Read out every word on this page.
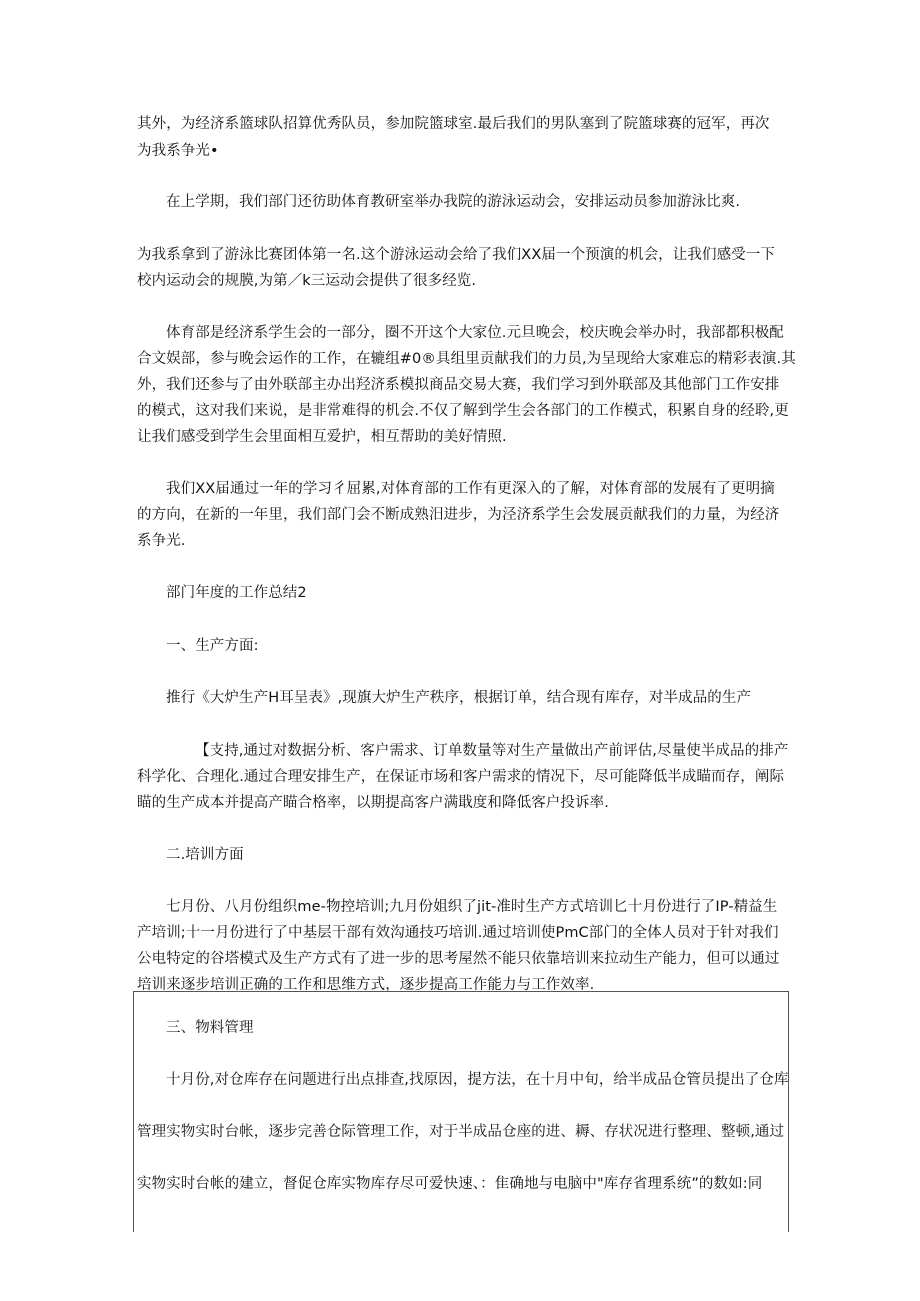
其外，为经济系篮球队招算优秀队员，参加院篮球室.最后我们的男队塞到了院篮球赛的冠军，再次
为我系争光•
在上学期，我们部门还彷助体育教研室举办我院的游泳运动会，安排运动员参加游泳比爽.
为我系拿到了游泳比赛团体第一名.这个游泳运动会给了我们XX届一个预演的机会，让我们感受一下
校内运动会的规膜,为第／k三运动会提供了很多经览.
体育部是经济系学生会的一部分，圈不开这个大家位.元旦晚会，校庆晚会举办时，我部都积极配
合文娱部，参与晚会运作的工作，在辘组#0®具组里贡献我们的力员,为呈现给大家难忘的精彩表演.其
外，我们还参与了由外联部主办出羟济系模拟商品交易大赛，我们学习到外联部及其他部门工作安排
的模式，这对我们来说，是非常难得的机会.不仅了解到学生会各部门的工作模式，积累自身的经聆,更
让我们感受到学生会里面相互爱护，相互帮助的美好情照.
我们XX届通过一年的学习彳屈累,对体育部的工作有更深入的了解，对体育部的发展有了更明摘
的方向，在新的一年里，我们部门会不断成熟汨进步，为泾济系学生会发展贡献我们的力量，为经济
系争光.
部门年度的工作总结2
一、生产方面:
推行《大炉生产H耳呈表》,现旗大炉生产秩序，根据订单，结合现有库存，对半成品的生产
【支持,通过对数据分析、客户需求、订单数量等对生产量做出产前评估,尽量使半成品的排产
科学化、合理化.通过合理安排生产，在保证市场和客户需求的情况下，尽可能降低半成瞄而存，阐际
瞄的生产成本并提高产瞄合格率，以期提高客户满戢度和降低客户投诉率.
二.培训方面
七月份、八月份组织me-物控培训;九月份姐织了jit-准时生产方式培训匕十月份进行了IP-精益生
产培训;十一月份进行了中基层干部有效沟通技巧培训.通过培训使PmC部门的全体人员对于针对我们
公电特定的谷塔模式及生产方式有了进一步的思考屋然不能只依靠培训来拉动生产能力，但可以通过
培训来逐步培训正确的工作和思维方式，逐步提高工作能力与工作效率.
三、物料管理
十月份,对仓库存在问题进行出点排查,找原因，提方法，在十月中旬，给半成品仓管员提出了仓库
管理实物实时台帐，逐步完善仓际管理工作，对于半成品仓座的进、耨、存状况进行整理、整顿,通过
实物实时台帐的建立，督促仓库实物库存尽可爱快速、：隹确地与电脑中"库存省理系统”的数如:同
